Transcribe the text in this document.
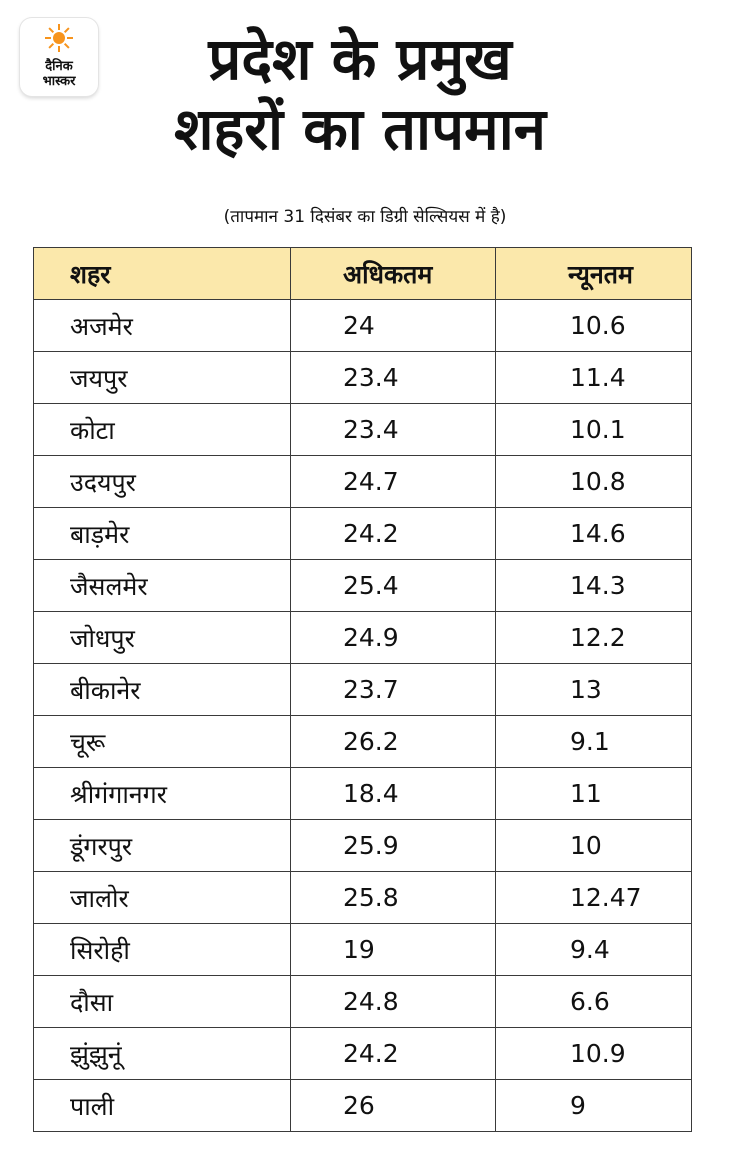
दैनिक
भास्कर	प्रदेश के प्रमुख
शहरों का तापमान
(तापमान 31 दिसंबर का डिग्री सेल्सियस में है)
शहर	अधिकतम	न्यूनतम
अजमेर	24	10.6
जयपुर	23.4	11.4
कोटा	23.4	10.1
उदयपुर	24.7	10.8
बाड़मेर	24.2	14.6
जैसलमेर	25.4	14.3
जोधपुर	24.9	12.2
बीकानेर	23.7	13
चूरू	26.2	9.1
श्रीगंगानगर	18.4	11
डूंगरपुर	25.9	10
जालोर	25.8	12.47
सिरोही	19	9.4
दौसा	24.8	6.6
झुंझुनूं	24.2	10.9
पाली	26	9
